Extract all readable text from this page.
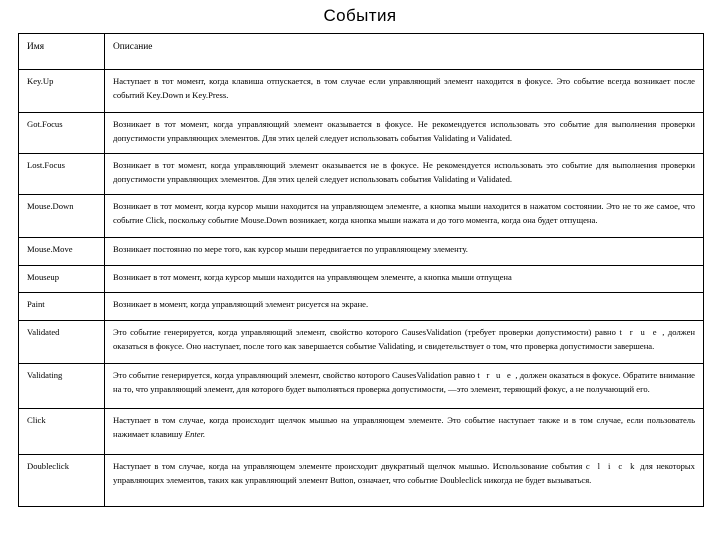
События
Имя	Описание
Key.Up	Наступает в тот момент, когда клавиша отпускается, в том случае если управляющий элемент находится в фокусе. Это событие всегда возникает после событий Key.Down и Key.Press.
Got.Focus	Возникает в тот момент, когда управляющий элемент оказывается в фокусе. Не рекомендуется использовать это событие для выполнения проверки допустимости управляющих элементов. Для этих целей следует использовать события Validating и Validated.
Lost.Focus	Возникает в тот момент, когда управляющий элемент оказывается не в фокусе. Не рекомендуется использовать это событие для выполнения проверки допустимости управляющих элементов. Для этих целей следует использовать события Validating и Validated.
Mouse.Down	Возникает в тот момент, когда курсор мыши находится на управляющем элементе, а кнопка мыши находится в нажатом состоянии. Это не то же самое, что событие Click, поскольку событие Mouse.Down возникает, когда кнопка мыши нажата и до того момента, когда она будет отпущена.
Mouse.Move	Возникает постоянно по мере того, как курсор мыши передвигается по управляющему элементу.
Mouseup	Возникает в тот момент, когда курсор мыши находится на управляющем элементе, а кнопка мыши отпущена
Paint	Возникает в момент, когда управляющий элемент рисуется на экране.
Validated	Это событие генерируется, когда управляющий элемент, свойство которого CausesValidation (требует проверки допустимости) равно t r u e , должен оказаться в фокусе. Оно наступает, после того как завершается событие Validating, и свидетельствует о том, что проверка допустимости завершена.
Validating	Это событие генерируется, когда управляющий элемент, свойство которого CausesValidation равно t r u e , должен оказаться в фокусе. Обратите внимание на то, что управляющий элемент, для которого будет выполняться проверка допустимости, —это элемент, теряющий фокус, а не получающий его.
Click	Наступает в том случае, когда происходит щелчок мышью на управляющем элементе. Это событие наступает также и в том случае, если пользователь нажимает клавишу Enter.
Doubleclick	Наступает в том случае, когда на управляющем элементе происходит двукратный щелчок мышью. Использование события c l i c k для некоторых управляющих элементов, таких как управляющий элемент Button, означает, что событие Doubleclick никогда не будет вызываться.
